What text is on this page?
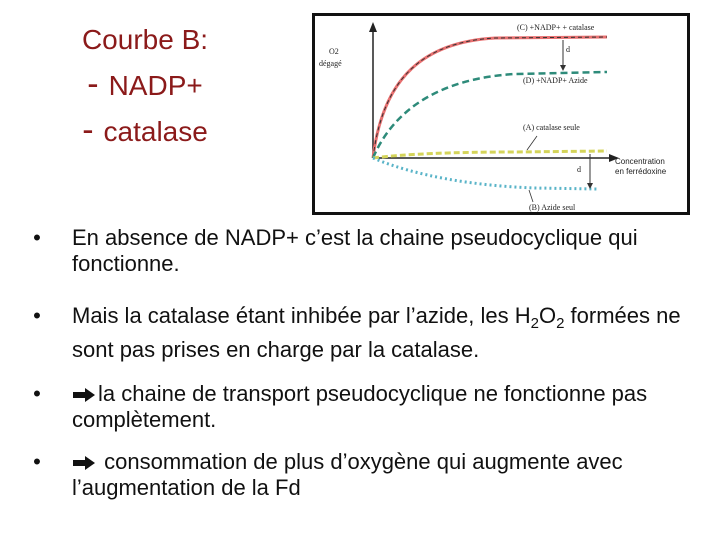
Courbe B:
- NADP+
- catalase
O2
dégagé
Concentration
en ferrédoxine
(C) +NADP+ + catalase
(D) +NADP+ Azide
(A) catalase seule
(B) Azide seul
d
d
• En absence de NADP+ c’est la chaine pseudocyclique qui fonctionne.
• Mais la catalase étant inhibée par l’azide, les $H_2O_2$ formées ne sont pas prises en charge par la catalase.
•	la chaine de transport pseudocyclique ne fonctionne pas complètement.
•	consommation de plus d’oxygène qui augmente avec l’augmentation de la Fd
